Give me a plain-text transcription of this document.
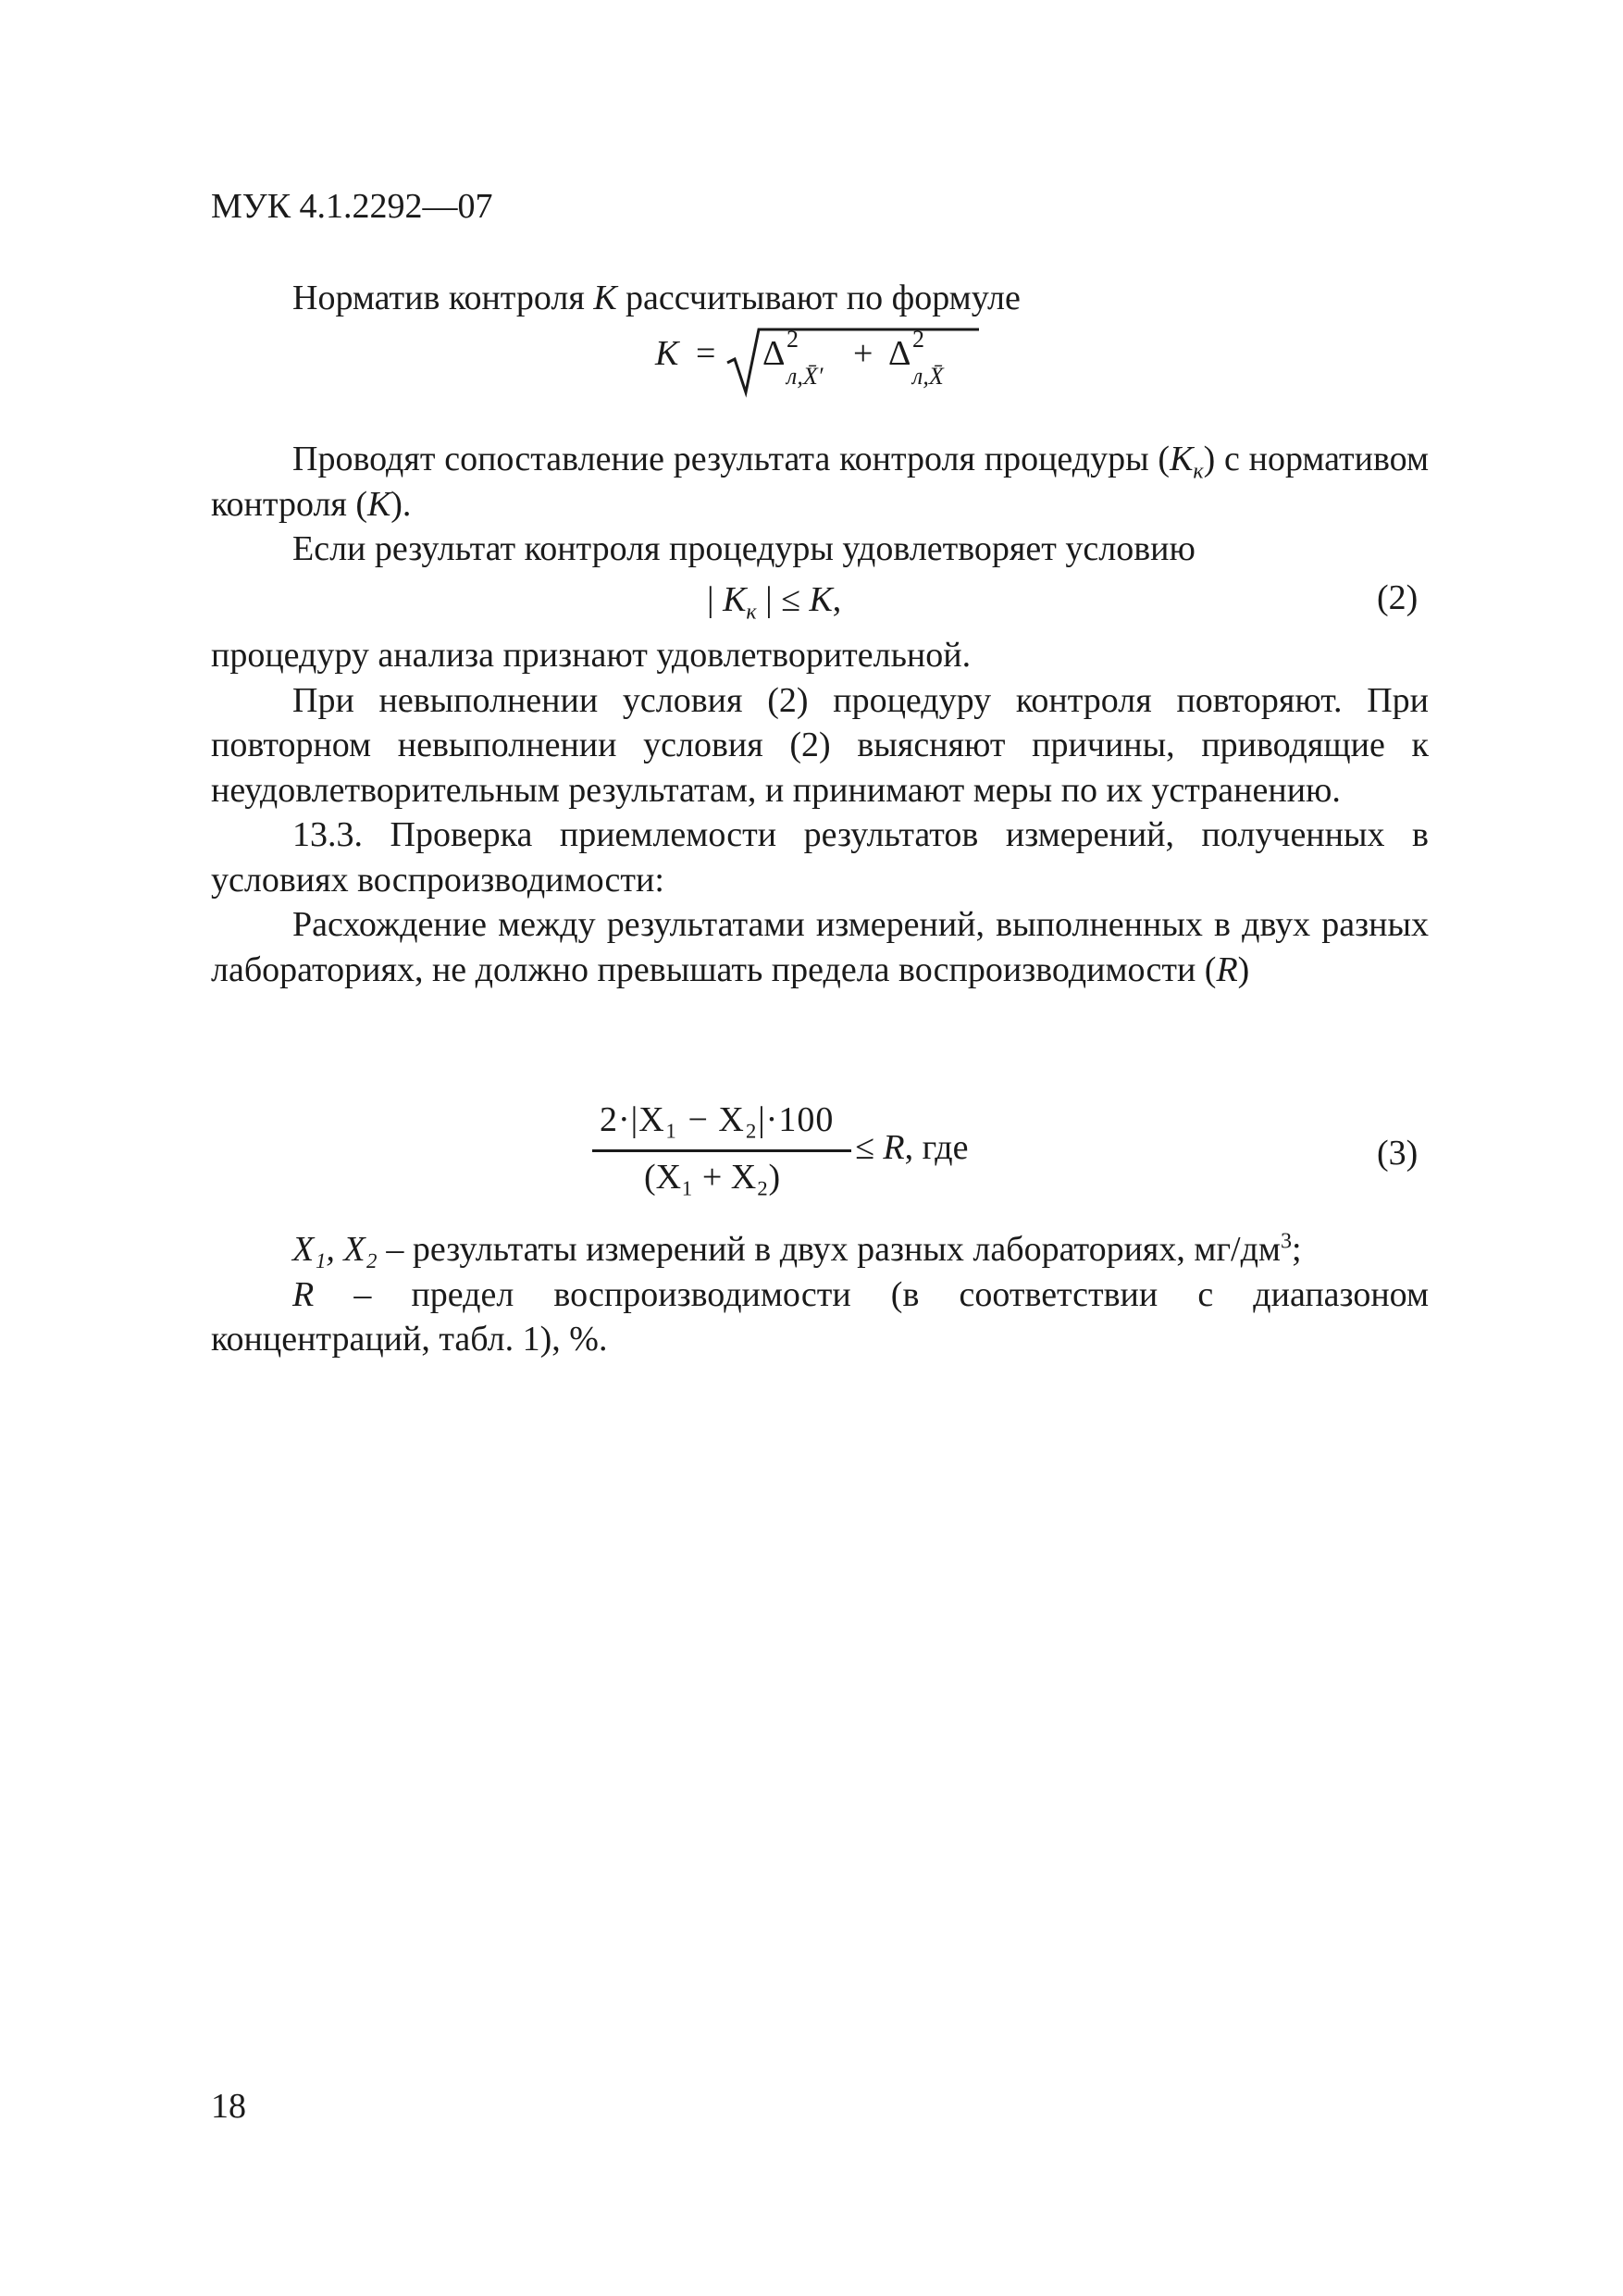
МУК 4.1.2292—07

Норматив контроля К рассчитывают по формуле

К = Δ 2
л,X̄′
+ Δ 2
л,X̄

Проводят сопоставление результата контроля процедуры $(К_к)$ с нормативом контроля (К).

Если результат контроля процедуры удовлетворяет условию

| $К_к$ | ≤ К,	(2)

процедуру анализа признают удовлетворительной.

При невыполнении условия (2) процедуру контроля повторяют. При повторном невыполнении условия (2) выясняют причины, приводящие к неудовлетворительным результатам, и принимают меры по их устранению.

13.3. Проверка приемлемости результатов измерений, полученных в условиях воспроизводимости:

Расхождение между результатами измерений, выполненных в двух разных лабораториях, не должно превышать предела воспроизводимости (R)

2·|X₁ − X₂|·100
(X₁ + X₂)
≤ R, где	(3)

X₁, X₂ – результаты измерений в двух разных лабораториях, $мг/дм^3$;

R – предел воспроизводимости (в соответствии с диапазоном концентраций, табл. 1), %.

18
